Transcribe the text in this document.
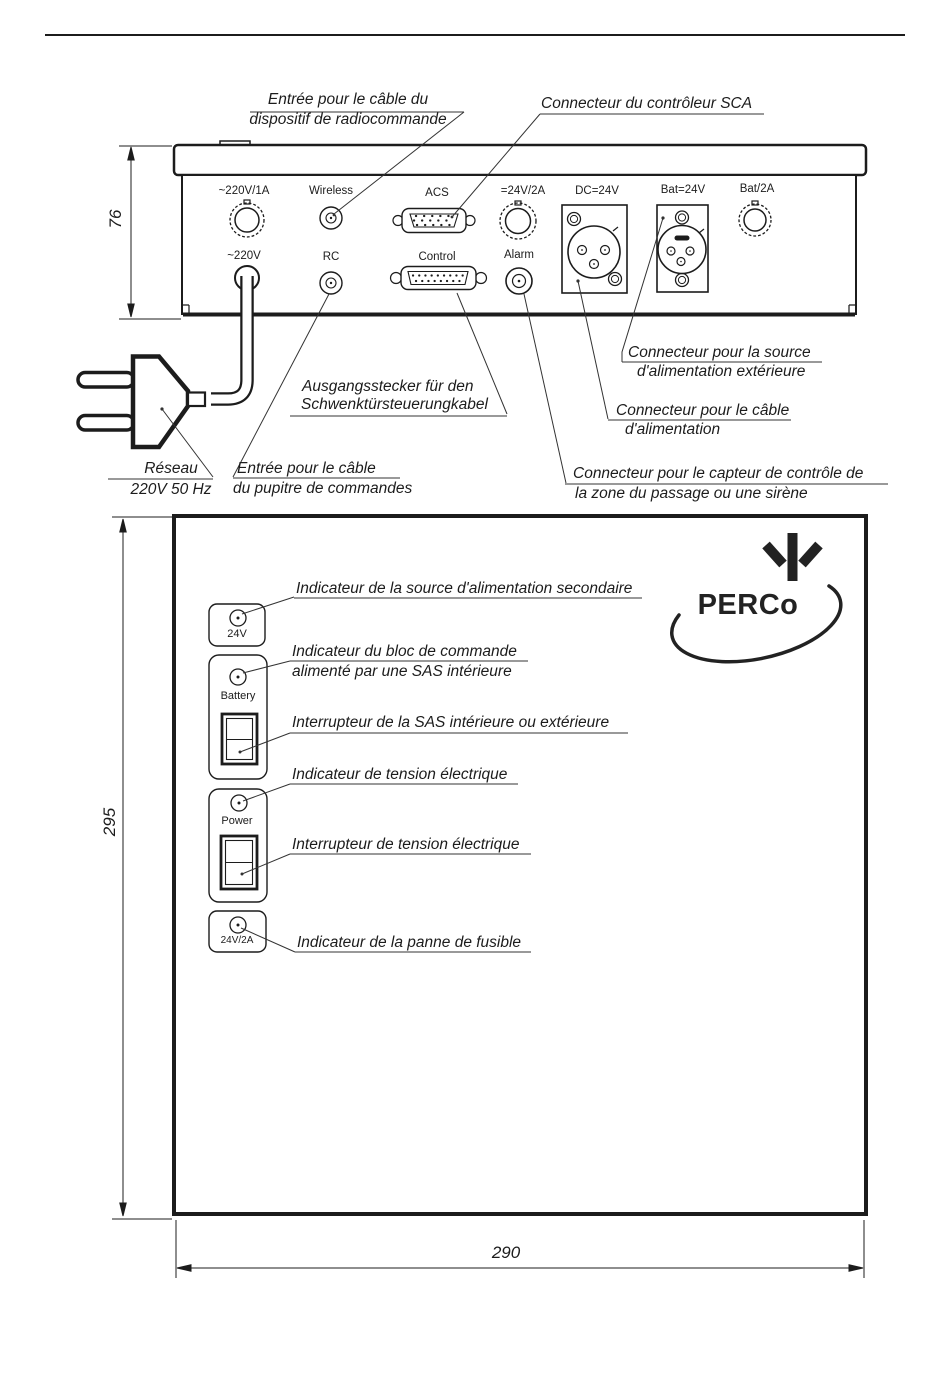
~220V/1A	Wireless	ACS	=24V/2A	DC=24V	Bat=24V	Bat/2A
~220V	RC	Control	Alarm
Entrée pour le câble du
dispositif de radiocommande
Connecteur du contrôleur SCA
Ausgangsstecker für den
Schwenktürsteuerungkabel
Connecteur pour la source
d'alimentation extérieure
Connecteur pour le câble
d'alimentation
Connecteur pour le capteur de contrôle de
la zone du passage ou une sirène
Réseau
220V 50 Hz
Entrée pour le câble
du pupitre de commandes
Indicateur de la source d'alimentation secondaire
Indicateur du bloc de commande
alimenté par une SAS intérieure
Interrupteur de la SAS intérieure ou extérieure
Indicateur de tension électrique
Interrupteur de tension électrique
Indicateur de la panne de fusible
24V
Battery
Power
24V/2A
76
295
290
PERCo
